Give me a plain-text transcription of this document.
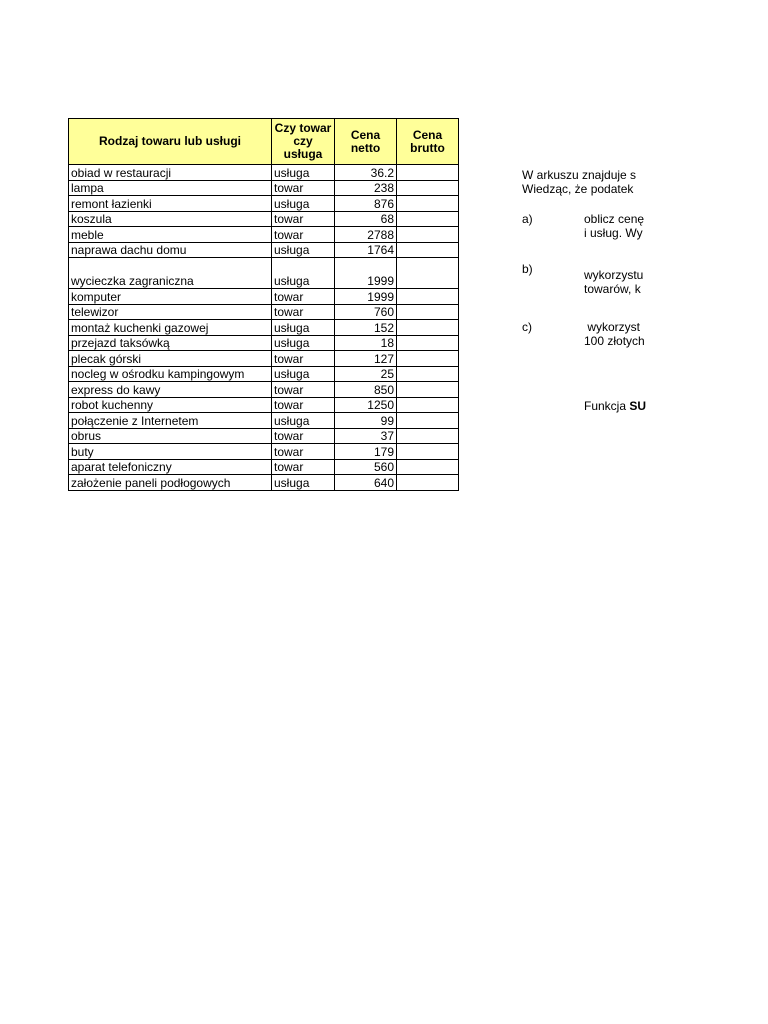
Rodzaj towaru lub usługi	Czy towar czy usługa	Cena netto	Cena brutto
obiad w restauracji	usługa	36.2	
lampa	towar	238	
remont łazienki	usługa	876	
koszula	towar	68	
meble	towar	2788	
naprawa dachu domu	usługa	1764	
wycieczka zagraniczna	usługa	1999	
komputer	towar	1999	
telewizor	towar	760	
montaż kuchenki gazowej	usługa	152	
przejazd taksówką	usługa	18	
plecak górski	towar	127	
nocleg w ośrodku kampingowym	usługa	25	
express do kawy	towar	850	
robot kuchenny	towar	1250	
połączenie z Internetem	usługa	99	
obrus	towar	37	
buty	towar	179	
aparat telefoniczny	towar	560	
założenie paneli podłogowych	usługa	640	
W arkuszu znajduje s
Wiedząc, że podatek
a)	oblicz cenę
i usług. Wy
b)	wykorzystu
towarów, k
c)	wykorzyst
100 złotych
Funkcja SU
